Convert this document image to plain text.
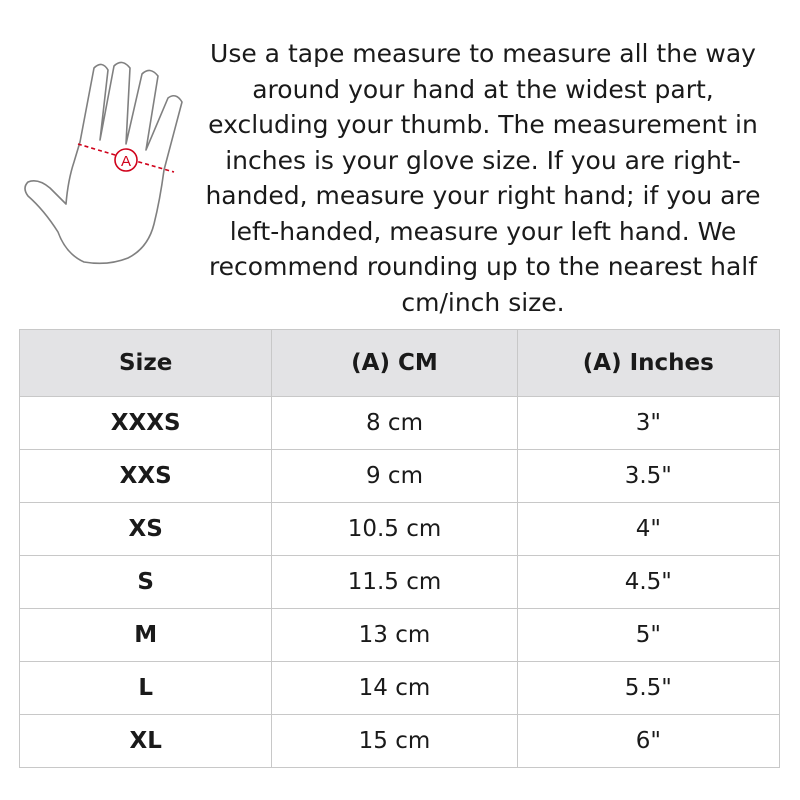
A

Use a tape measure to measure all the way around your hand at the widest part, excluding your thumb. The measurement in inches is your glove size. If you are right-handed, measure your right hand; if you are left-handed, measure your left hand. We recommend rounding up to the nearest half cm/inch size.

Size	(A) CM	(A) Inches
XXXS	8 cm	3"
XXS	9 cm	3.5"
XS	10.5 cm	4"
S	11.5 cm	4.5"
M	13 cm	5"
L	14 cm	5.5"
XL	15 cm	6"
